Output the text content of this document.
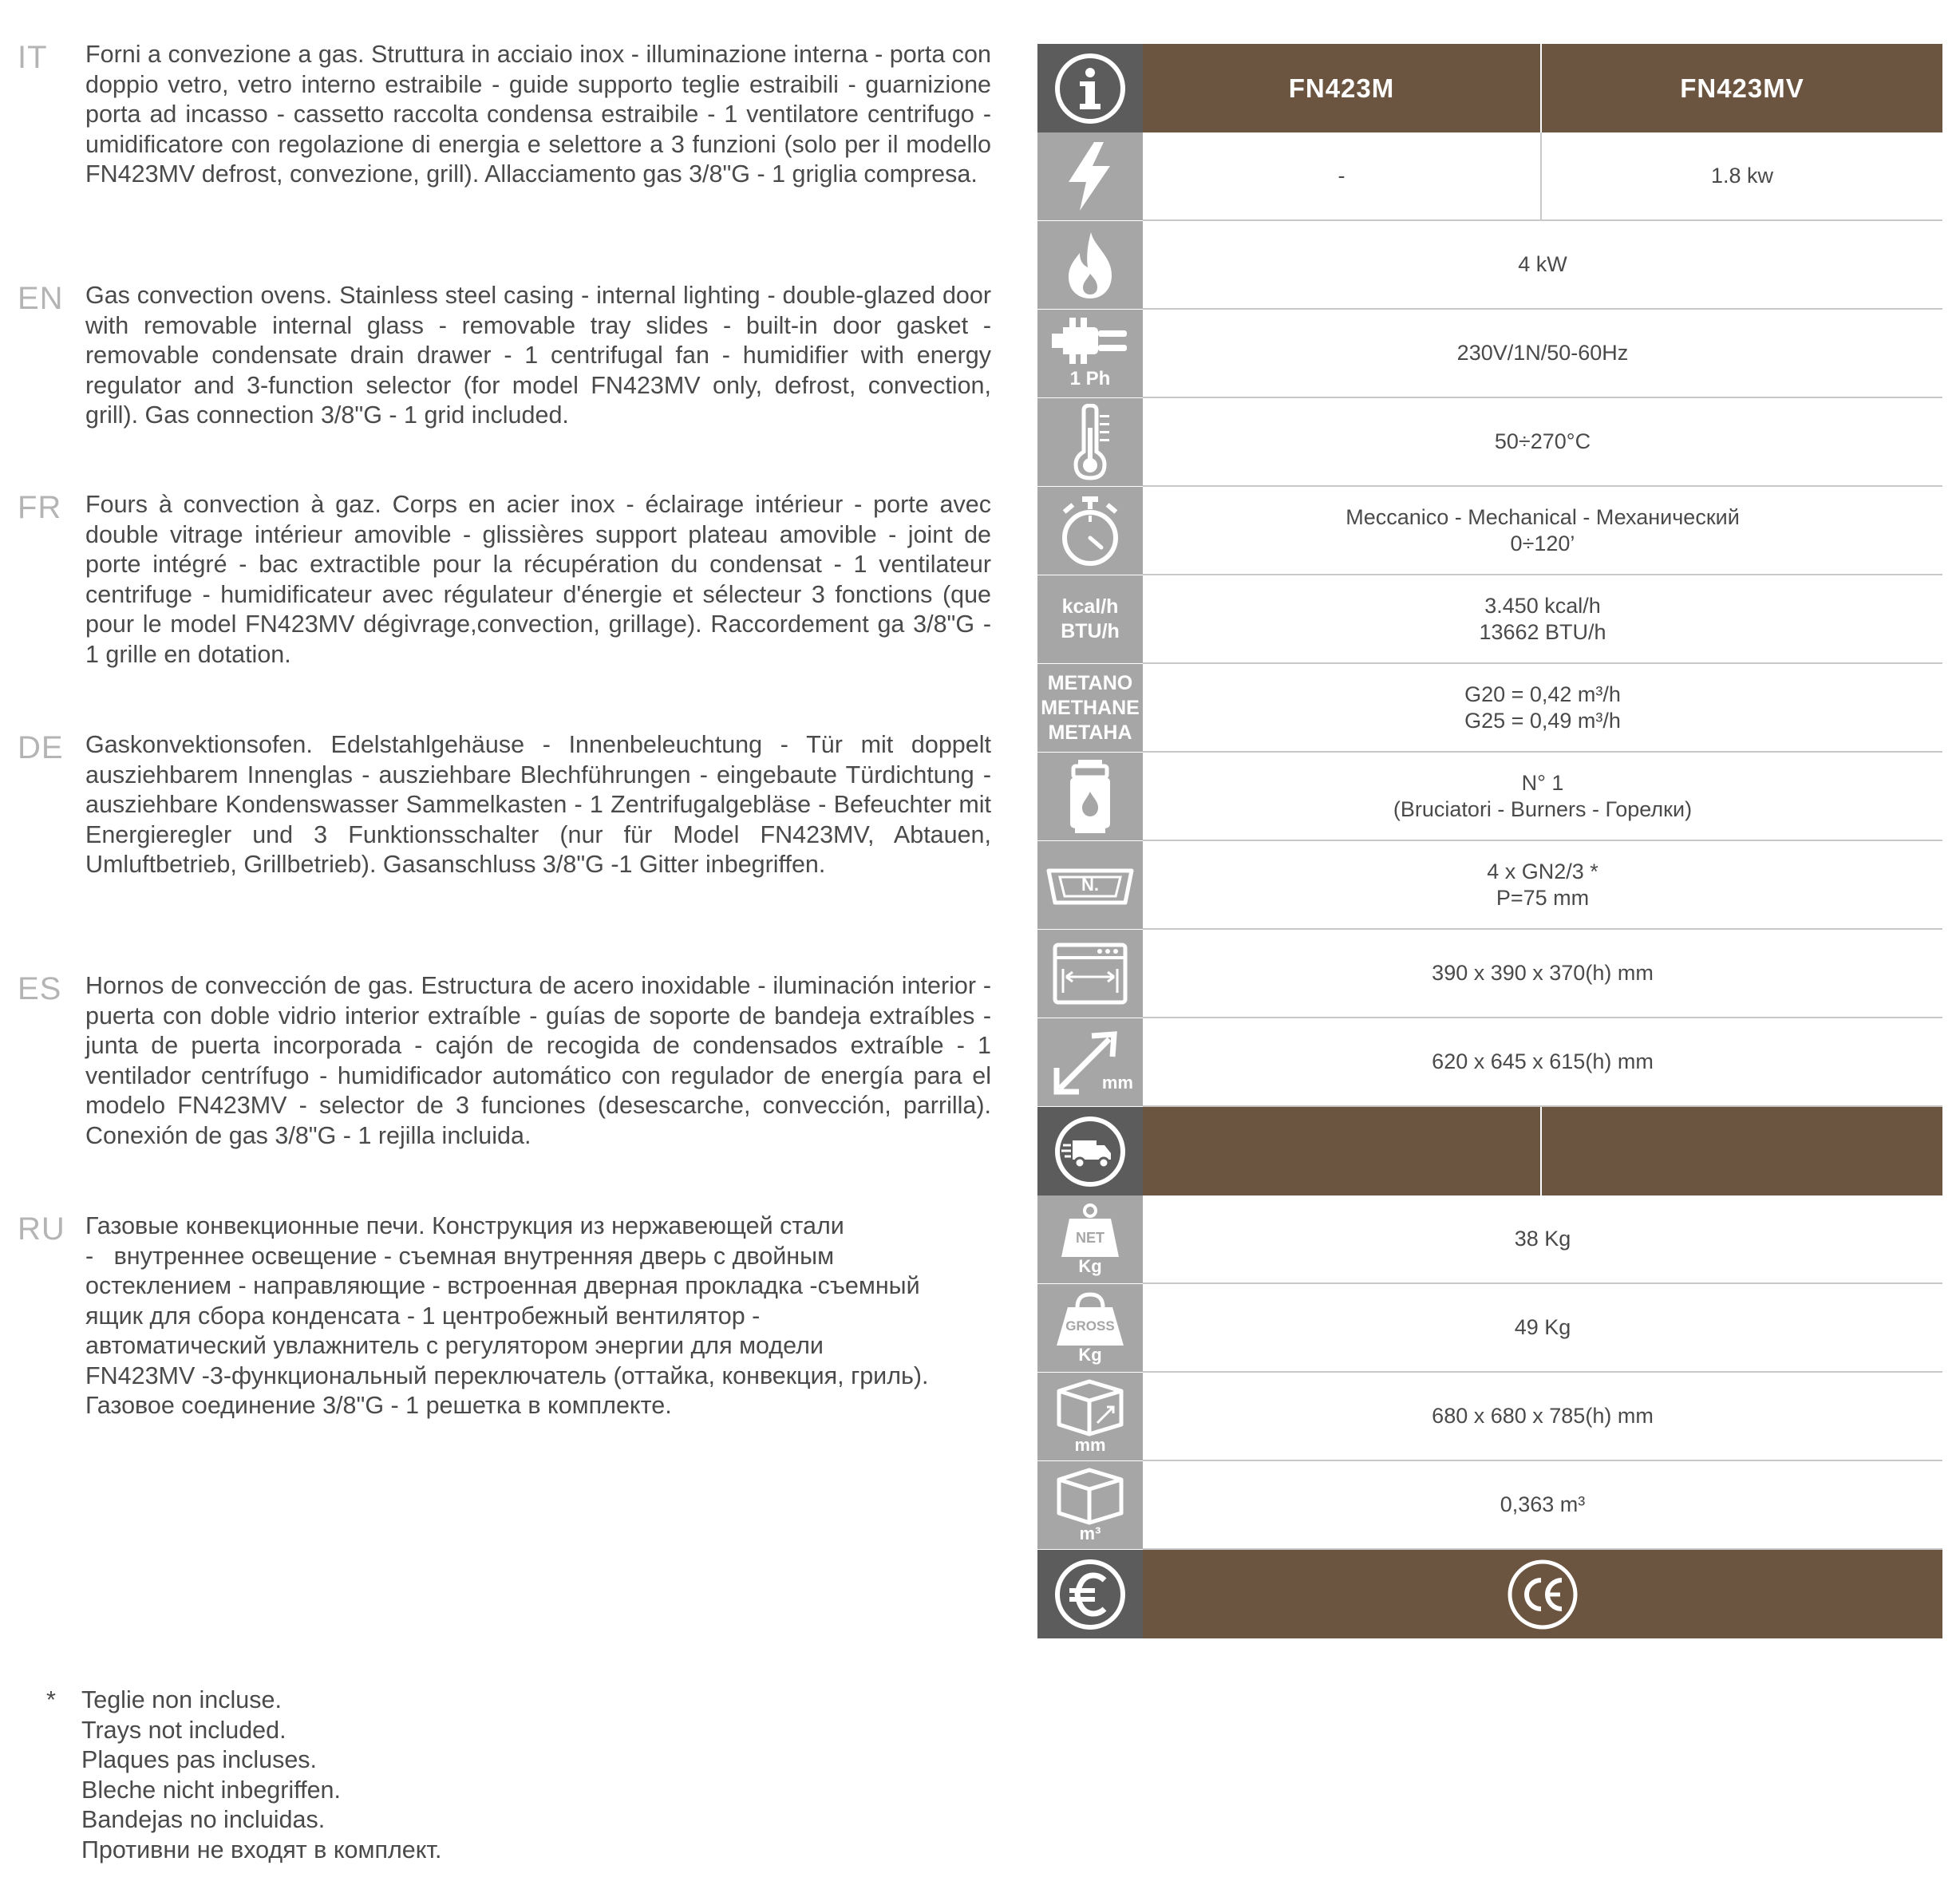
IT Forni a convezione a gas. Struttura in acciaio inox - illuminazione interna - porta con doppio vetro, vetro interno estraibile - guide supporto teglie estraibili - guarnizione porta ad incasso - cassetto raccolta condensa estraibile - 1 ventilatore centrifugo - umidificatore con regolazione di energia e selettore a 3 funzioni (solo per il modello FN423MV defrost, convezione, grill). Allacciamento gas 3/8"G - 1 griglia compresa.
EN Gas convection ovens. Stainless steel casing - internal lighting - double-glazed door with removable internal glass - removable tray slides - built-in door gasket - removable condensate drain drawer - 1 centrifugal fan - humidifier with energy regulator and 3-function selector (for model FN423MV only, defrost, convection, grill). Gas connection 3/8"G - 1 grid included.
FR Fours à convection à gaz. Corps en acier inox - éclairage intérieur - porte avec double vitrage intérieur amovible - glissières support plateau amovible - joint de porte intégré - bac extractible pour la récupération du condensat - 1 ventilateur centrifuge - humidificateur avec régulateur d'énergie et sélecteur 3 fonctions (que pour le model FN423MV dégivrage,convection, grillage). Raccordement ga 3/8"G - 1 grille en dotation.
DE Gaskonvektionsofen. Edelstahlgehäuse - Innenbeleuchtung - Tür mit doppelt ausziehbarem Innenglas - ausziehbare Blechführungen - eingebaute Türdichtung - ausziehbare Kondenswasser Sammelkasten - 1 Zentrifugalgebläse - Befeuchter mit Energieregler und 3 Funktionsschalter (nur für Model FN423MV, Abtauen, Umluftbetrieb, Grillbetrieb). Gasanschluss 3/8"G -1 Gitter inbegriffen.
ES Hornos de convección de gas. Estructura de acero inoxidable - iluminación interior - puerta con doble vidrio interior extraíble - guías de soporte de bandeja extraíbles - junta de puerta incorporada - cajón de recogida de condensados extraíble - 1 ventilador centrífugo - humidificador automático con regulador de energía para el modelo FN423MV - selector de 3 funciones (desescarche, convección, parrilla). Conexión de gas 3/8"G - 1 rejilla incluida.
RU Газовые конвекционные печи. Конструкция из нержавеющей стали
-   внутреннее освещение - съемная внутренняя дверь с двойным
остеклением - направляющие - встроенная дверная прокладка -съемный
ящик для сбора конденсата - 1 центробежный вентилятор -
автоматический увлажнитель с регулятором энергии для модели
FN423MV -3-функциональный переключатель (оттайка, конвекция, гриль).
Газовое соединение 3/8"G - 1 решетка в комплекте.
* Teglie non incluse.
Trays not included.
Plaques pas incluses.
Bleche nicht inbegriffen.
Bandejas no incluidas.
Противни не входят в комплект.
FN423M	FN423MV
-	1.8 kw
4 kW
1 Ph
230V/1N/50-60Hz
50÷270°C
Meccanico - Mechanical - Механический
0÷120’
kcal/h
BTU/h
3.450 kcal/h
13662 BTU/h
METANO
METHANE
METAHA
G20 = 0,42 m³/h
G25 = 0,49 m³/h
N° 1
(Bruciatori - Burners - Горелки)
N.
4 x GN2/3 *
P=75 mm
390 x 390 x 370(h) mm
mm
620 x 645 x 615(h) mm
NET
Kg
38 Kg
GROSS
Kg
49 Kg
mm
680 x 680 x 785(h) mm
m³
0,363 m³
